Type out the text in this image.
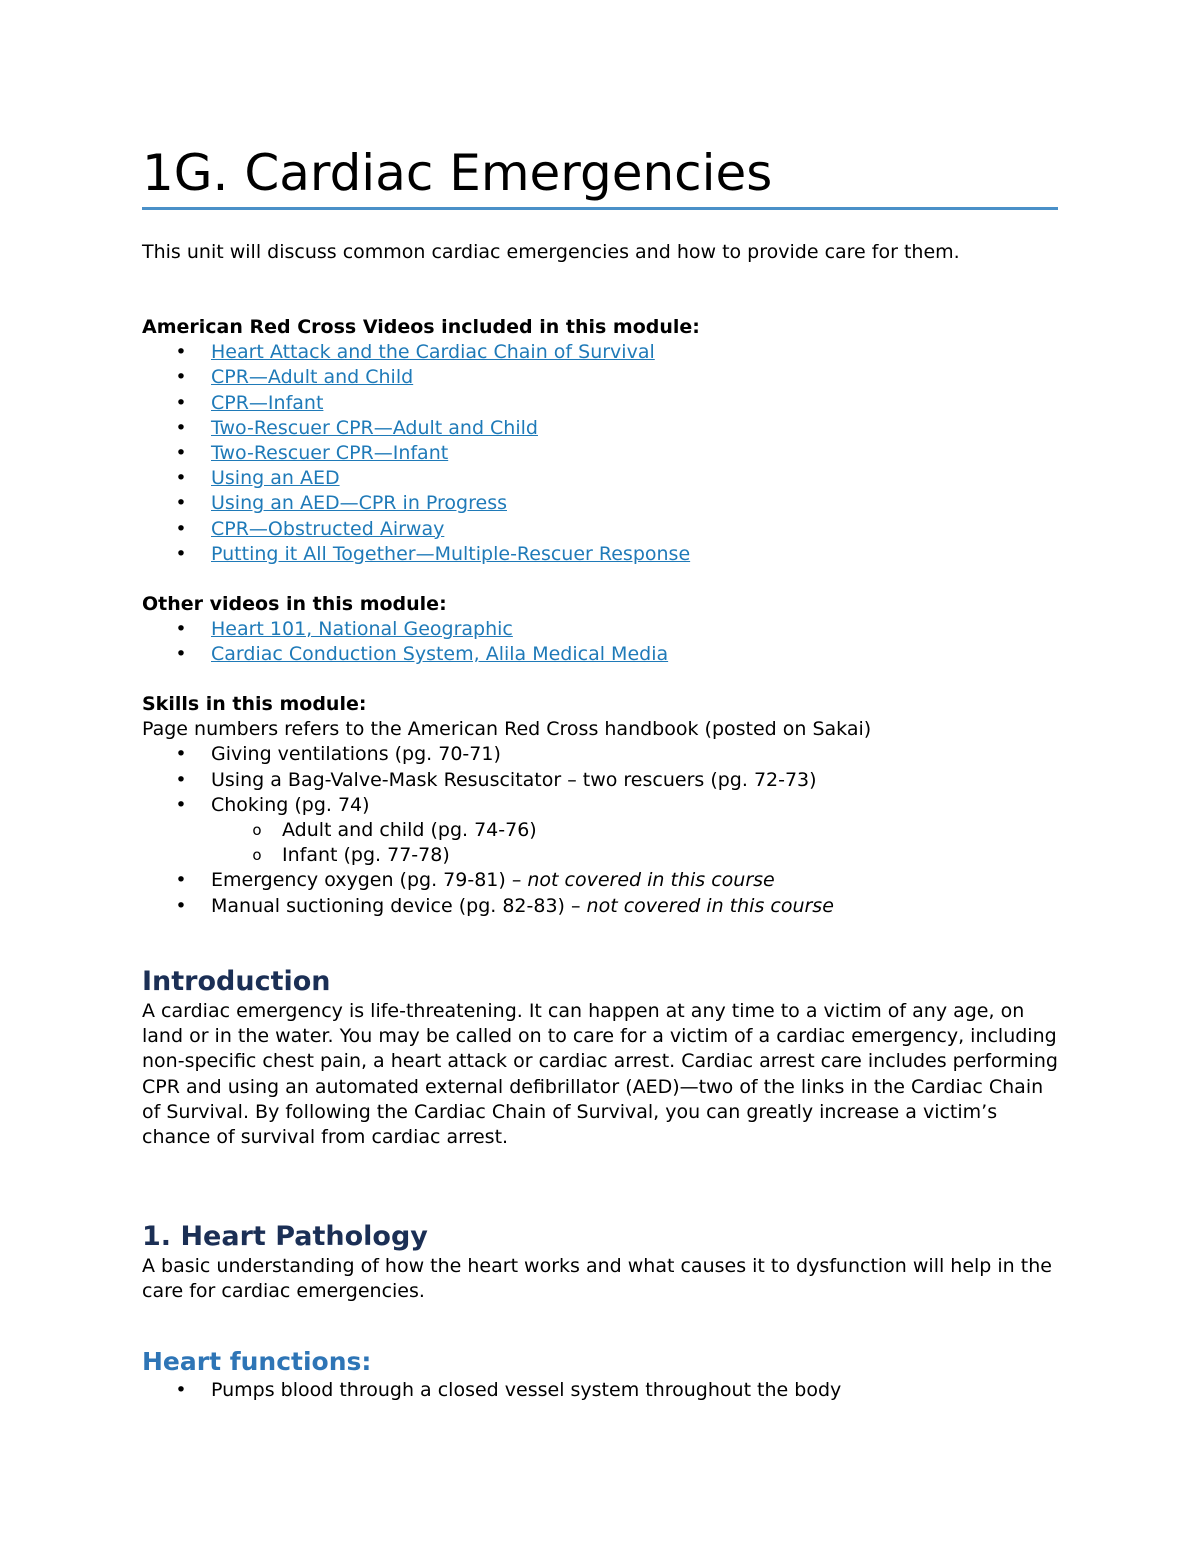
1G. Cardiac Emergencies

This unit will discuss common cardiac emergencies and how to provide care for them.

American Red Cross Videos included in this module:

• Heart Attack and the Cardiac Chain of Survival
• CPR—Adult and Child
• CPR—Infant
• Two-Rescuer CPR—Adult and Child
• Two-Rescuer CPR—Infant
• Using an AED
• Using an AED—CPR in Progress
• CPR—Obstructed Airway
• Putting it All Together—Multiple-Rescuer Response

Other videos in this module:

• Heart 101, National Geographic
• Cardiac Conduction System, Alila Medical Media

Skills in this module:

Page numbers refers to the American Red Cross handbook (posted on Sakai)

• Giving ventilations (pg. 70-71)
• Using a Bag-Valve-Mask Resuscitator – two rescuers (pg. 72-73)
• Choking (pg. 74)
o Adult and child (pg. 74-76)
o Infant (pg. 77-78)
• Emergency oxygen (pg. 79-81) – not covered in this course
• Manual suctioning device (pg. 82-83) – not covered in this course
Introduction

A cardiac emergency is life-threatening. It can happen at any time to a victim of any age, on land or in the water. You may be called on to care for a victim of a cardiac emergency, including non-specific chest pain, a heart attack or cardiac arrest. Cardiac arrest care includes performing CPR and using an automated external defibrillator (AED)—two of the links in the Cardiac Chain of Survival. By following the Cardiac Chain of Survival, you can greatly increase a victim’s chance of survival from cardiac arrest.

1. Heart Pathology

A basic understanding of how the heart works and what causes it to dysfunction will help in the care for cardiac emergencies.

Heart functions:
• Pumps blood through a closed vessel system throughout the body
